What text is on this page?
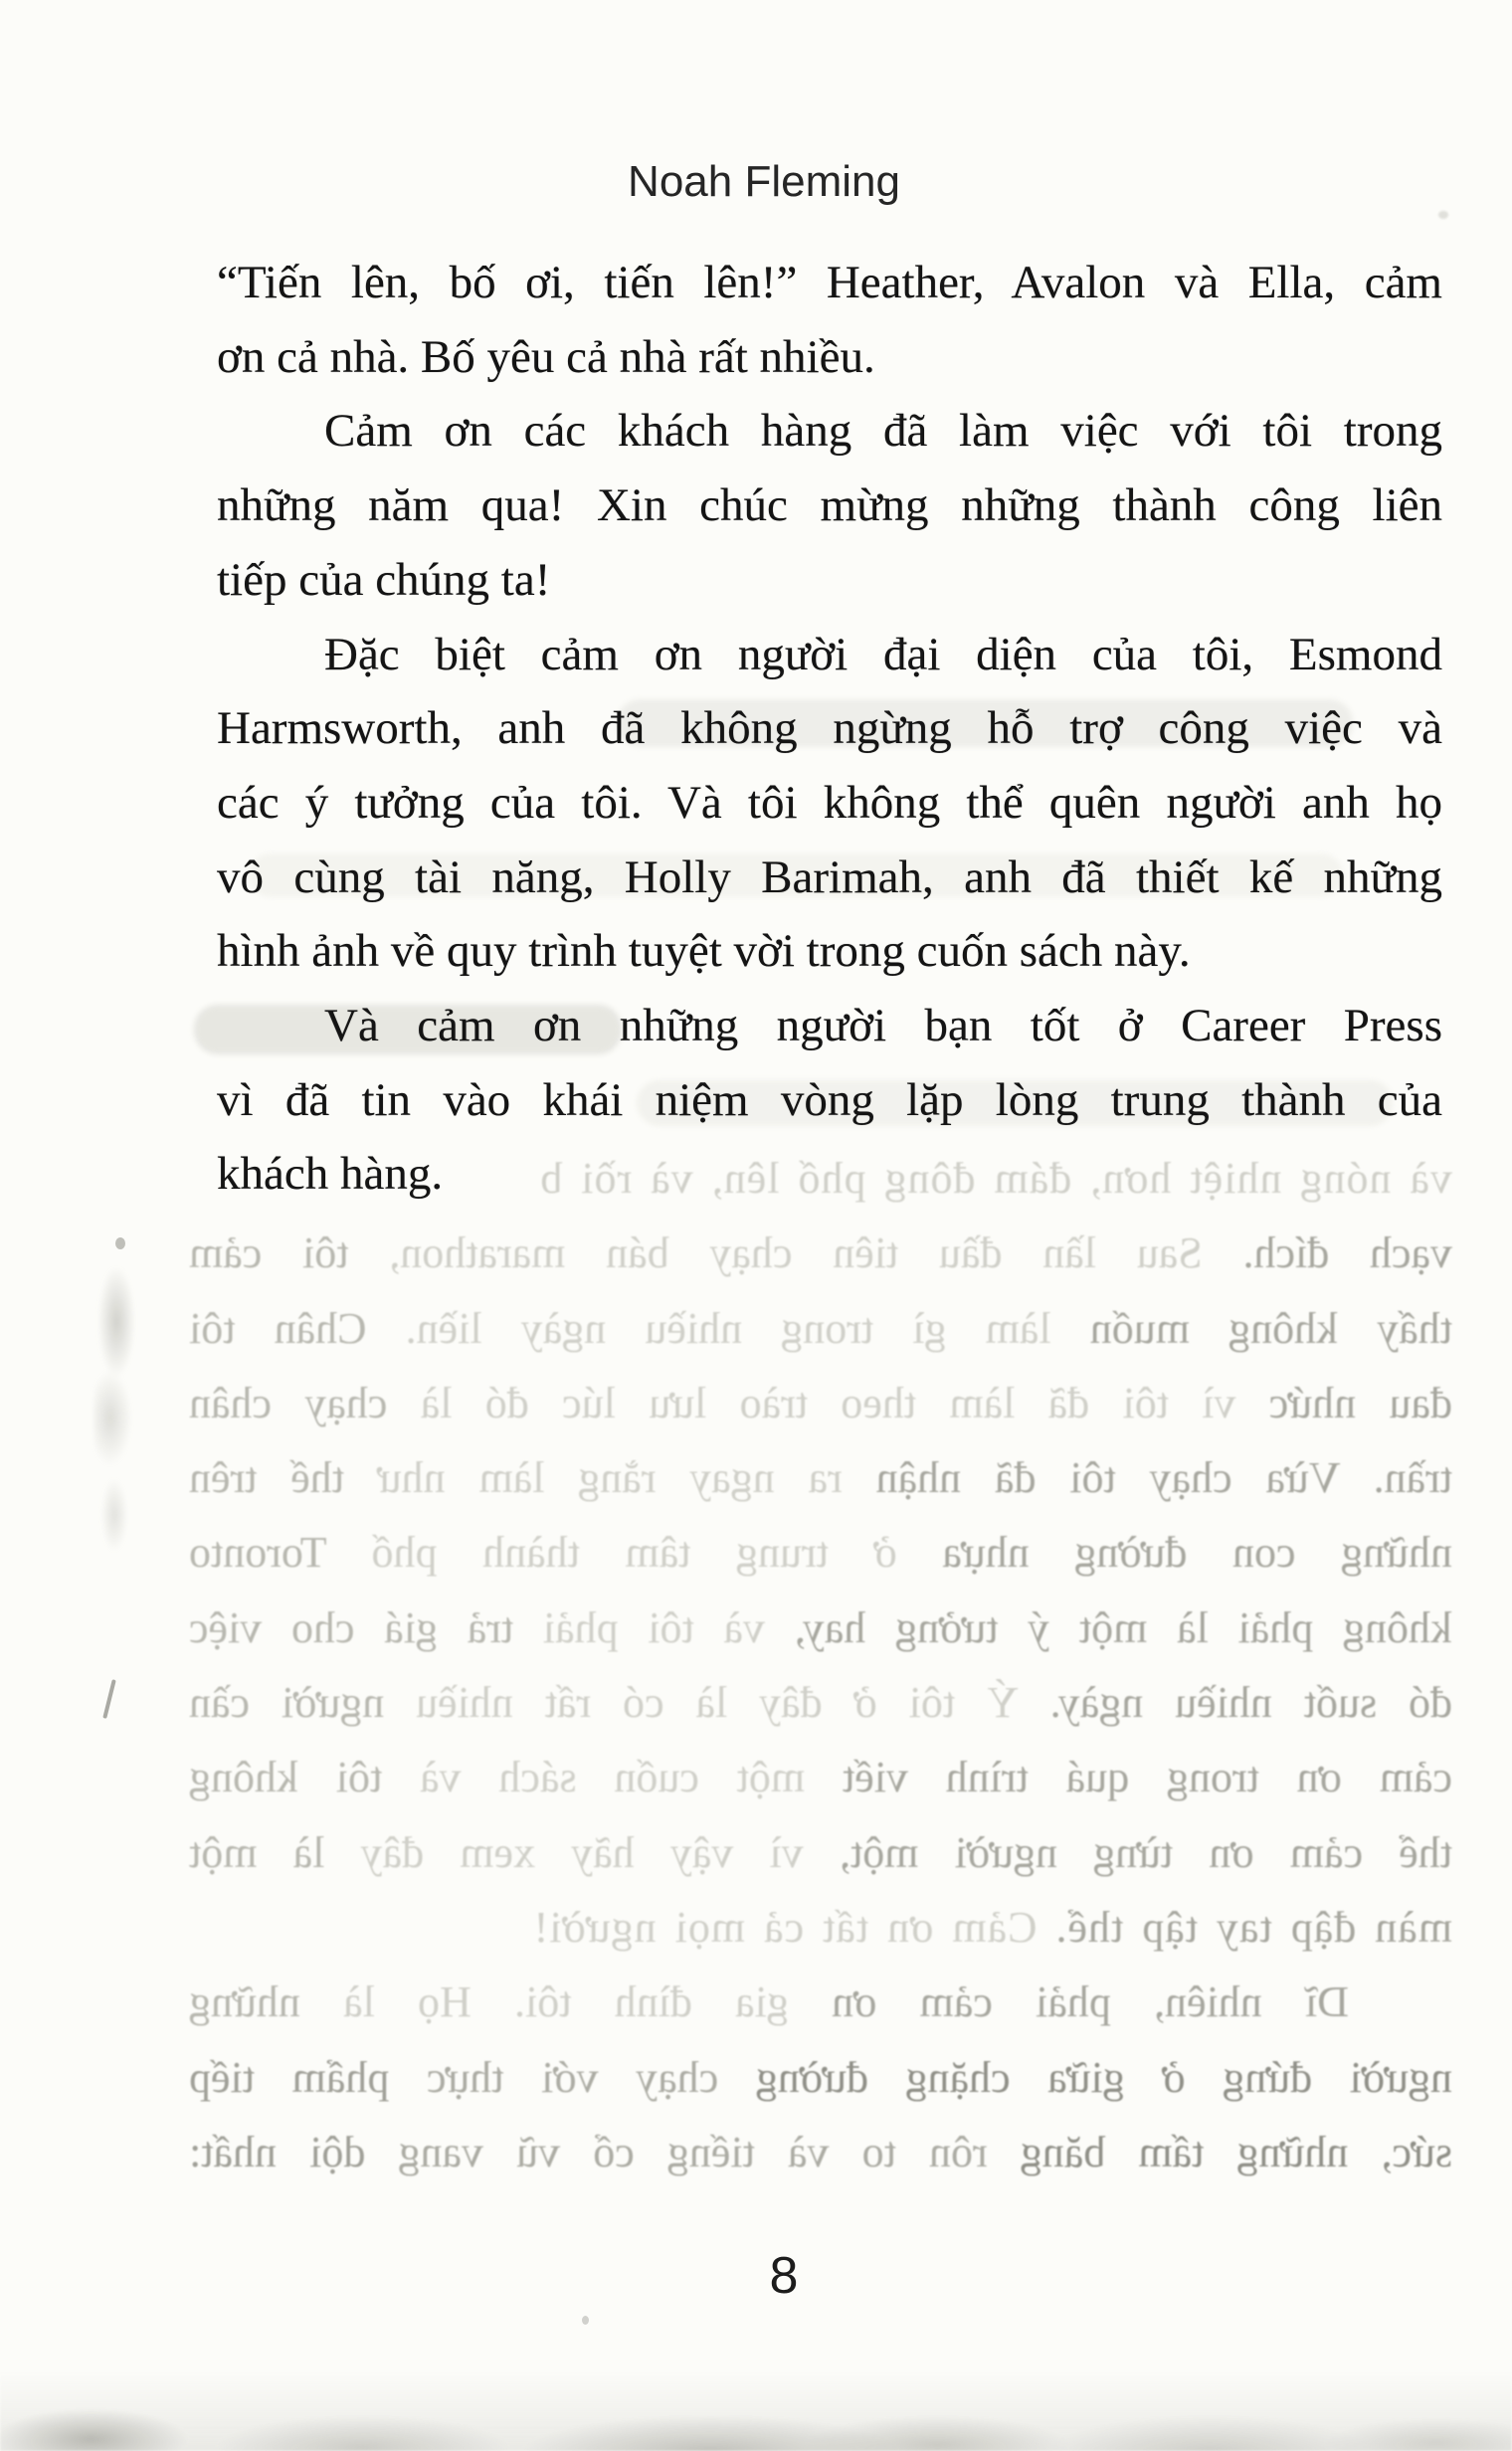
Noah Fleming
và nóng nhiệt hơn, đám đông phố lên, và rồi b
vạch đích. Sau lần đầu tiên chạy bán marathon, tôi cảm
thấy không muốn làm gì trong nhiều ngày liền. Chân tôi
đau nhức vì tôi đã làm theo trào lưu lúc đó là chạy chân
trần. Vừa chạy tôi đã nhận ra ngay rằng làm như thế trên
những con đường nhựa ở trung tâm thành phố Toronto
không phải là một ý tưởng hay, và tôi phải trả giá cho việc
đó suốt nhiều ngày. Ý tôi ở đây là có rất nhiều người cần
cảm ơn trong quá trình viết một cuốn sách và tôi không
thể cảm ơn từng người một, vì vậy hãy xem đây là một
màn đập tay tập thể. Cảm ơn tất cả mọi người!
Dĩ nhiên, phải cảm ơn gia đình tôi. Họ là những
người đứng ở giữa chặng đường chạy với thực phẩm tiếp
sức, những tấm băng rôn to và tiếng cổ vũ vang dội nhất:
“Tiến lên, bố ơi, tiến lên!” Heather, Avalon và Ella, cảm
ơn cả nhà. Bố yêu cả nhà rất nhiều.
Cảm ơn các khách hàng đã làm việc với tôi trong
những năm qua! Xin chúc mừng những thành công liên
tiếp của chúng ta!
Đặc biệt cảm ơn người đại diện của tôi, Esmond
Harmsworth, anh đã không ngừng hỗ trợ công việc và
các ý tưởng của tôi. Và tôi không thể quên người anh họ
vô cùng tài năng, Holly Barimah, anh đã thiết kế những
hình ảnh về quy trình tuyệt vời trong cuốn sách này.
Và cảm ơn những người bạn tốt ở Career Press
vì đã tin vào khái niệm vòng lặp lòng trung thành của
khách hàng.
8
